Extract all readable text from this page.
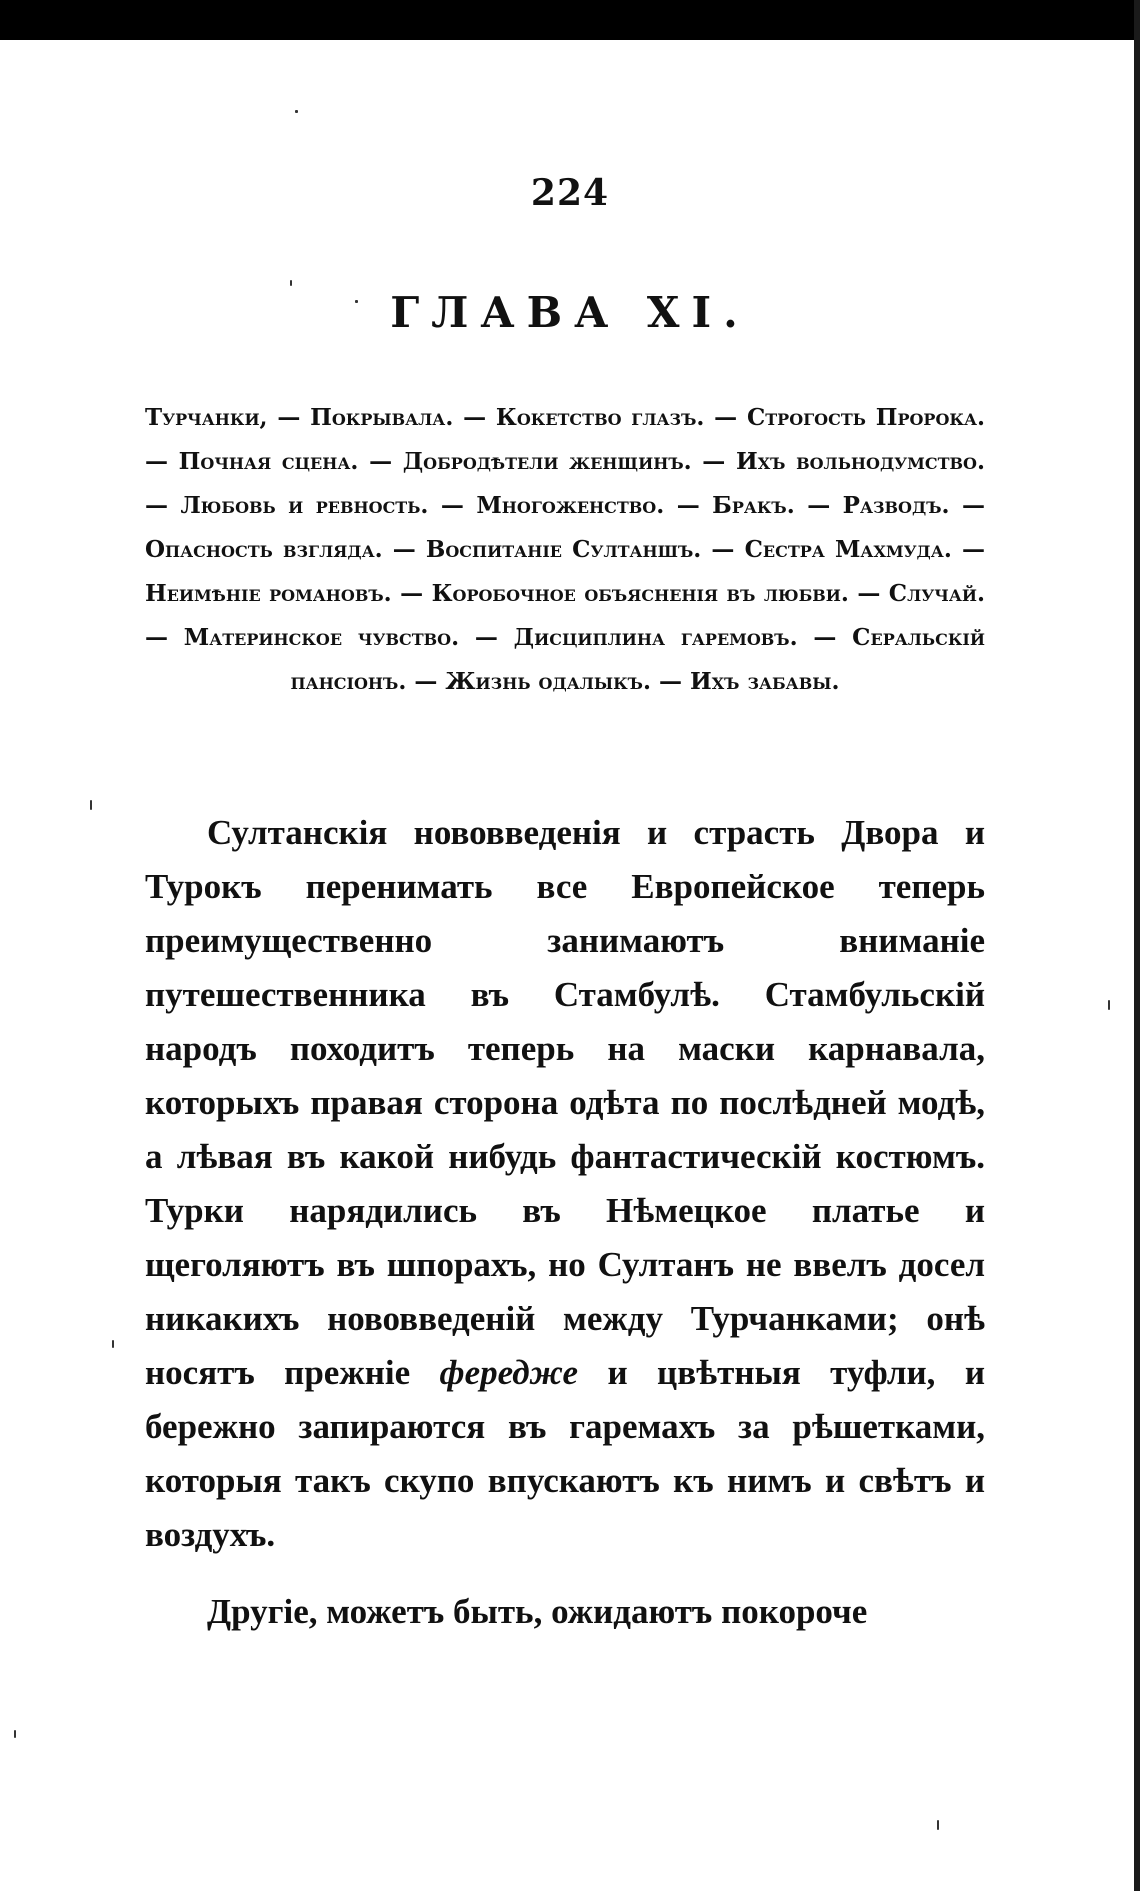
224
ГЛАВА XI.
Турчанки, — Покрывала. — Кокетство глазъ. — Строгость Пророка. — Почная сцена. — Добродѣтели женщинъ. — Ихъ вольнодумство. — Любовь и ревность. — Многоженство. — Бракъ. — Разводъ. — Опасность взгляда. — Воспитаніе Султаншъ. — Сестра Махмуда. — Неимѣніе романовъ. — Коробочное объясненія въ любви. — Случай. — Материнское чувство. — Дисциплина гаремовъ. — Серальскій пансіонъ. — Жизнь одалыкъ. — Ихъ забавы.
Султанскія нововведенія и страсть Двора и Турокъ перенимать все Европейское теперь преимущественно занимаютъ вниманіе путешественника въ Стамбулѣ. Стамбульскій народъ походитъ теперь на маски карнавала, которыхъ правая сторона одѣта по послѣдней модѣ, а лѣвая въ какой нибудь фантастическій костюмъ. Турки нарядились въ Нѣмецкое платье и щеголяютъ въ шпорахъ, но Султанъ не ввелъ досел никакихъ нововведеній между Турчанками; онѣ носятъ прежніе фередже и цвѣтныя туфли, и бережно запираются въ гаремахъ за рѣшетками, которыя такъ скупо впускаютъ къ нимъ и свѣтъ и воздухъ.
Другіе, можетъ быть, ожидаютъ покороче
